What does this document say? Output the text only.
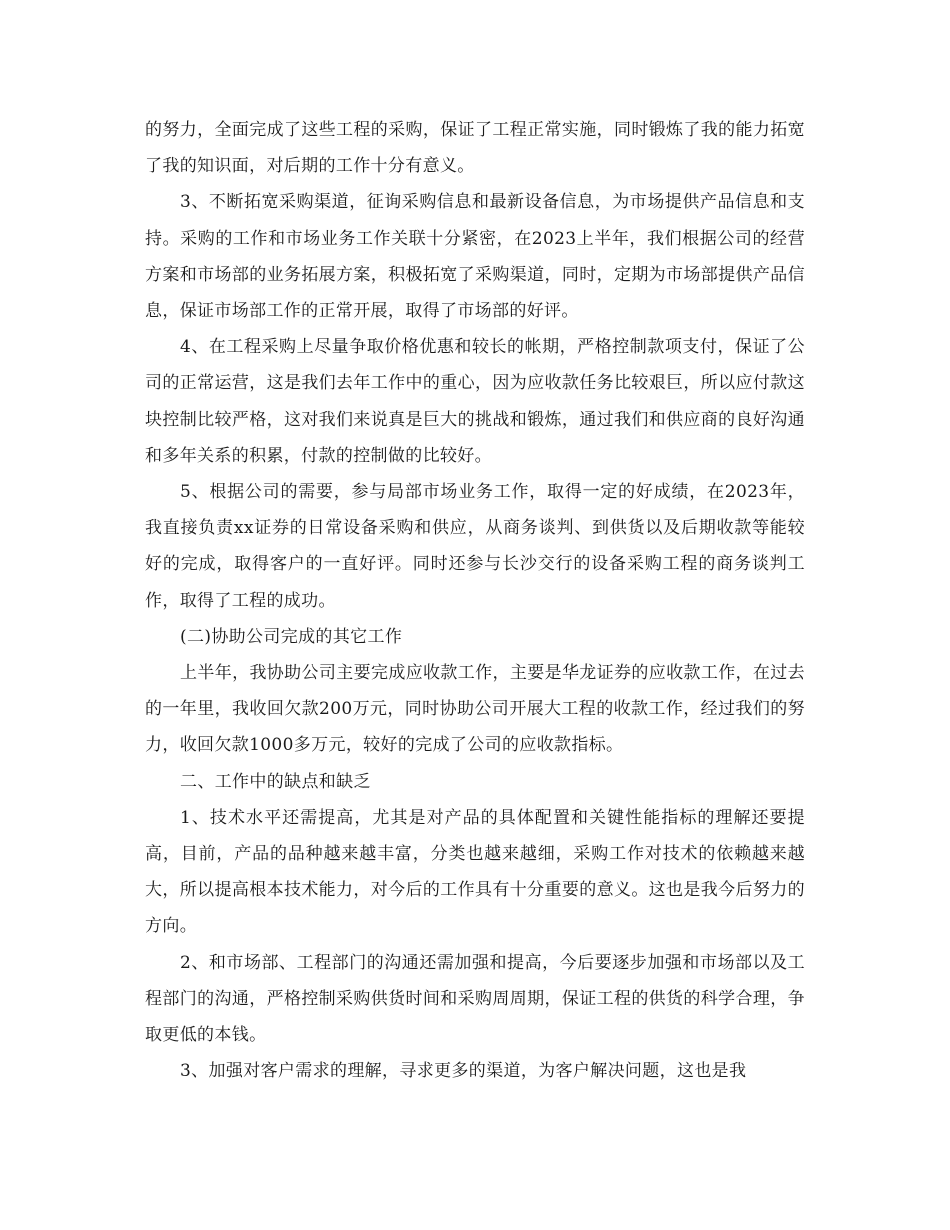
的努力，全面完成了这些工程的采购，保证了工程正常实施，同时锻炼了我的能力拓宽了我的知识面，对后期的工作十分有意义。

3、不断拓宽采购渠道，征询采购信息和最新设备信息，为市场提供产品信息和支持。采购的工作和市场业务工作关联十分紧密，在2023上半年，我们根据公司的经营方案和市场部的业务拓展方案，积极拓宽了采购渠道，同时，定期为市场部提供产品信息，保证市场部工作的正常开展，取得了市场部的好评。

4、在工程采购上尽量争取价格优惠和较长的帐期，严格控制款项支付，保证了公司的正常运营，这是我们去年工作中的重心，因为应收款任务比较艰巨，所以应付款这块控制比较严格，这对我们来说真是巨大的挑战和锻炼，通过我们和供应商的良好沟通和多年关系的积累，付款的控制做的比较好。

5、根据公司的需要，参与局部市场业务工作，取得一定的好成绩，在2023年，我直接负责xx证券的日常设备采购和供应，从商务谈判、到供货以及后期收款等能较好的完成，取得客户的一直好评。同时还参与长沙交行的设备采购工程的商务谈判工作，取得了工程的成功。

(二)协助公司完成的其它工作

上半年，我协助公司主要完成应收款工作，主要是华龙证券的应收款工作，在过去的一年里，我收回欠款200万元，同时协助公司开展大工程的收款工作，经过我们的努力，收回欠款1000多万元，较好的完成了公司的应收款指标。

二、工作中的缺点和缺乏

1、技术水平还需提高，尤其是对产品的具体配置和关键性能指标的理解还要提高，目前，产品的品种越来越丰富，分类也越来越细，采购工作对技术的依赖越来越大，所以提高根本技术能力，对今后的工作具有十分重要的意义。这也是我今后努力的方向。

2、和市场部、工程部门的沟通还需加强和提高，今后要逐步加强和市场部以及工程部门的沟通，严格控制采购供货时间和采购周周期，保证工程的供货的科学合理，争取更低的本钱。

3、加强对客户需求的理解，寻求更多的渠道，为客户解决问题，这也是我
